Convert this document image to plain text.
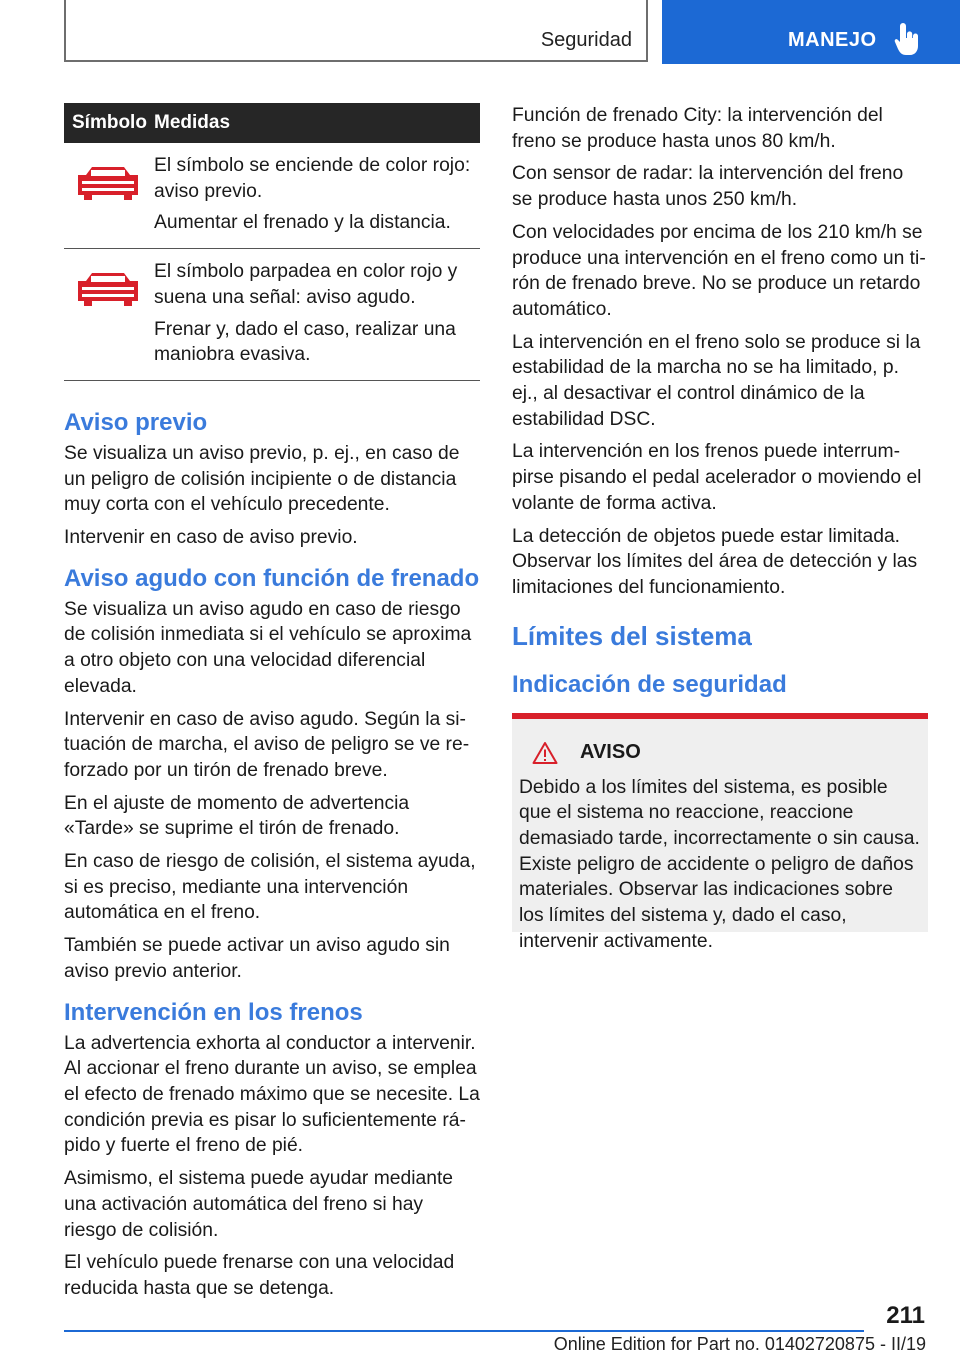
Seguridad	MANEJO
Símbolo	Medidas

El símbolo se enciende de color rojo: aviso previo.

Aumentar el frenado y la distancia.

El símbolo parpadea en color rojo y suena una señal: aviso agudo.

Frenar y, dado el caso, realizar una maniobra evasiva.

Aviso previo

Se visualiza un aviso previo, p. ej., en caso de un peligro de colisión incipiente o de distancia muy corta con el vehículo precedente.

Intervenir en caso de aviso previo.

Aviso agudo con función de frenado

Se visualiza un aviso agudo en caso de riesgo de colisión inmediata si el vehículo se aproxima a otro objeto con una velocidad diferencial elevada.

Intervenir en caso de aviso agudo. Según la situación de marcha, el aviso de peligro se ve reforzado por un tirón de frenado breve.

En el ajuste de momento de advertencia «Tarde» se suprime el tirón de frenado.

En caso de riesgo de colisión, el sistema ayuda, si es preciso, mediante una intervención automática en el freno.

También se puede activar un aviso agudo sin aviso previo anterior.

Intervención en los frenos

La advertencia exhorta al conductor a intervenir. Al accionar el freno durante un aviso, se emplea el efecto de frenado máximo que se necesite. La condición previa es pisar lo suficientemente rápido y fuerte el freno de pié.

Asimismo, el sistema puede ayudar mediante una activación automática del freno si hay riesgo de colisión.

El vehículo puede frenarse con una velocidad reducida hasta que se detenga.

Función de frenado City: la intervención del freno se produce hasta unos 80 km/h.

Con sensor de radar: la intervención del freno se produce hasta unos 250 km/h.

Con velocidades por encima de los 210 km/h se produce una intervención en el freno como un tirón de frenado breve. No se produce un retardo automático.

La intervención en el freno solo se produce si la estabilidad de la marcha no se ha limitado, p. ej., al desactivar el control dinámico de la estabilidad DSC.

La intervención en los frenos puede interrumpirse pisando el pedal acelerador o moviendo el volante de forma activa.

La detección de objetos puede estar limitada. Observar los límites del área de detección y las limitaciones del funcionamiento.

Límites del sistema
Indicación de seguridad
AVISO

Debido a los límites del sistema, es posible que el sistema no reaccione, reaccione demasiado tarde, incorrectamente o sin causa. Existe peligro de accidente o peligro de daños materiales. Observar las indicaciones sobre los límites del sistema y, dado el caso, intervenir activamente.

211
Online Edition for Part no. 01402720875 - II/19
